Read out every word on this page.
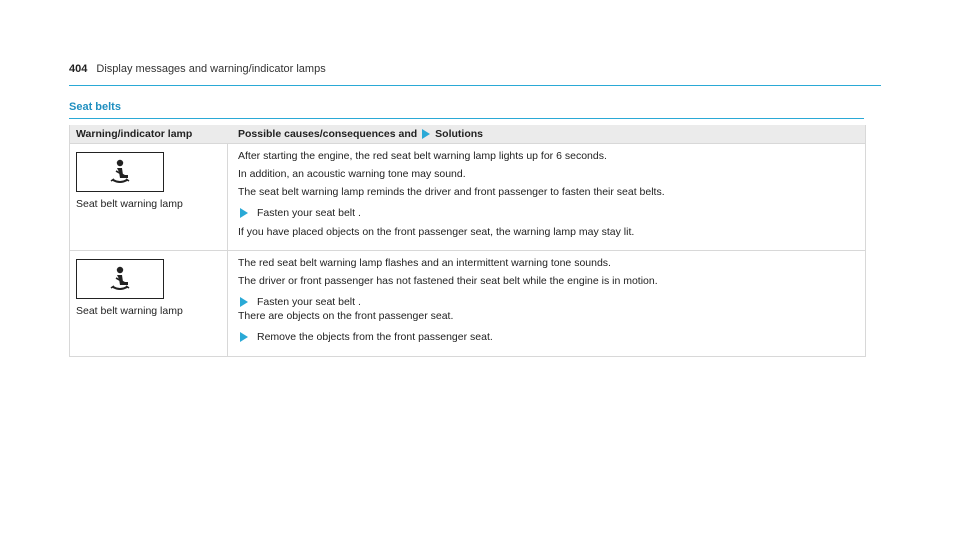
404 Display messages and warning/indicator lamps
Seat belts
Warning/indicator lamp	Possible causes/consequences and Solutions
Seat belt warning lamp

After starting the engine, the red seat belt warning lamp lights up for 6 seconds.

In addition, an acoustic warning tone may sound.

The seat belt warning lamp reminds the driver and front passenger to fasten their seat belts.

Fasten your seat belt .

If you have placed objects on the front passenger seat, the warning lamp may stay lit.

Seat belt warning lamp

The red seat belt warning lamp flashes and an intermittent warning tone sounds.

The driver or front passenger has not fastened their seat belt while the engine is in motion.

Fasten your seat belt .

There are objects on the front passenger seat.

Remove the objects from the front passenger seat.
